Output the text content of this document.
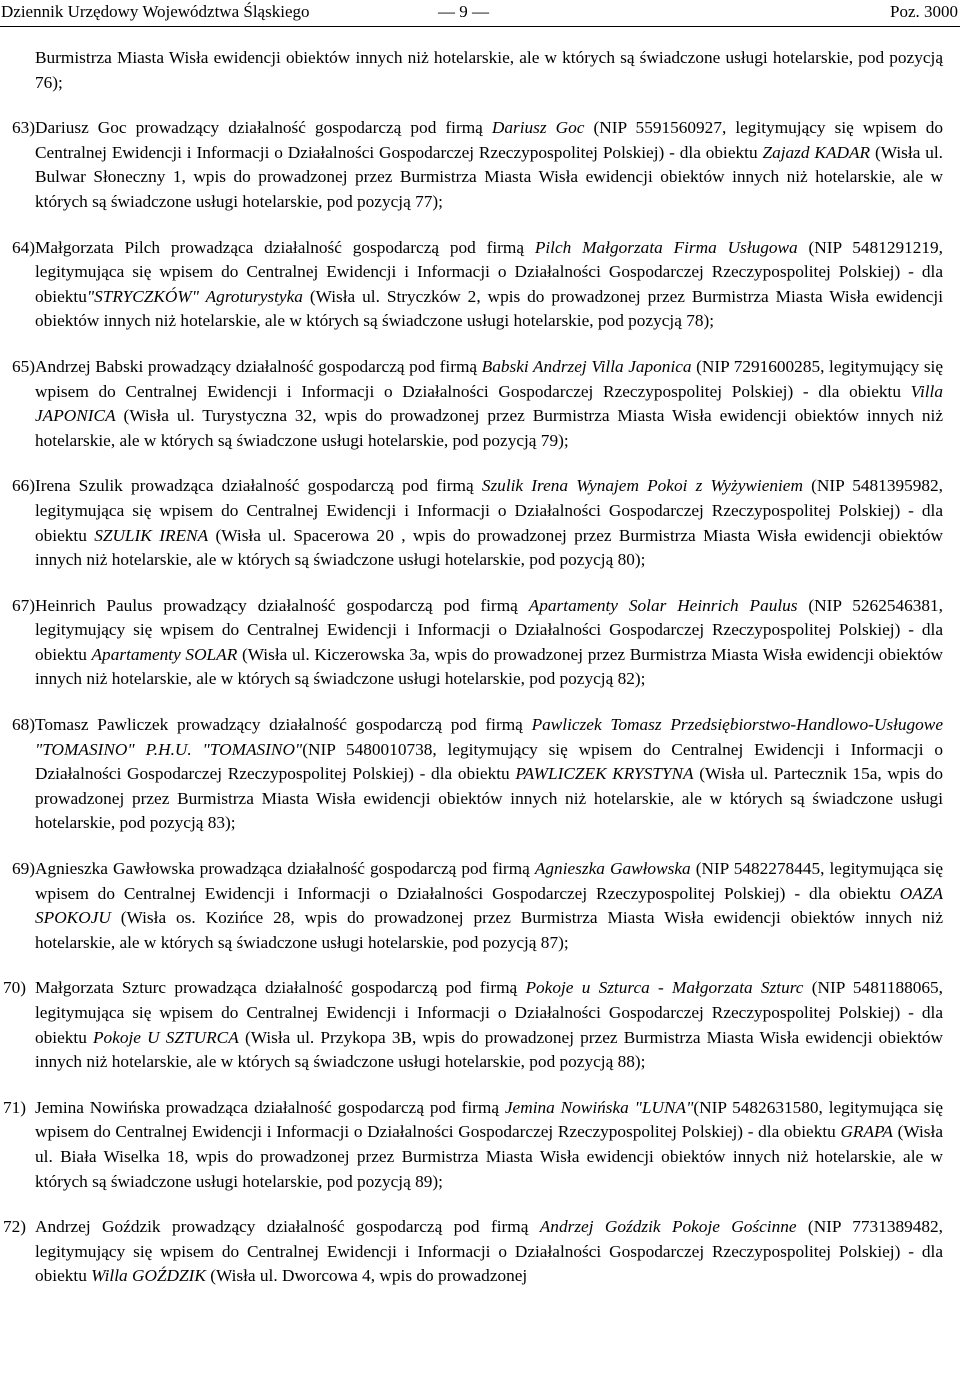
Dziennik Urzędowy Województwa Śląskiego	— 9 —	Poz. 3000

Burmistrza Miasta Wisła ewidencji obiektów innych niż hotelarskie, ale w których są świadczone usługi hotelarskie, pod pozycją 76);

63) Dariusz Goc prowadzący działalność gospodarczą pod firmą Dariusz Goc (NIP 5591560927, legitymujący się wpisem do Centralnej Ewidencji i Informacji o Działalności Gospodarczej Rzeczypospolitej Polskiej) - dla obiektu Zajazd KADAR (Wisła ul. Bulwar Słoneczny 1, wpis do prowadzonej przez Burmistrza Miasta Wisła ewidencji obiektów innych niż hotelarskie, ale w których są świadczone usługi hotelarskie, pod pozycją 77);

64) Małgorzata Pilch prowadząca działalność gospodarczą pod firmą Pilch Małgorzata Firma Usługowa (NIP 5481291219, legitymująca się wpisem do Centralnej Ewidencji i Informacji o Działalności Gospodarczej Rzeczypospolitej Polskiej) - dla obiektu"STRYCZKÓW" Agroturystyka (Wisła ul. Stryczków 2, wpis do prowadzonej przez Burmistrza Miasta Wisła ewidencji obiektów innych niż hotelarskie, ale w których są świadczone usługi hotelarskie, pod pozycją 78);

65) Andrzej Babski prowadzący działalność gospodarczą pod firmą Babski Andrzej Villa Japonica (NIP 7291600285, legitymujący się wpisem do Centralnej Ewidencji i Informacji o Działalności Gospodarczej Rzeczypospolitej Polskiej) - dla obiektu Villa JAPONICA (Wisła ul. Turystyczna 32, wpis do prowadzonej przez Burmistrza Miasta Wisła ewidencji obiektów innych niż hotelarskie, ale w których są świadczone usługi hotelarskie, pod pozycją 79);

66) Irena Szulik prowadząca działalność gospodarczą pod firmą Szulik Irena Wynajem Pokoi z Wyżywieniem (NIP 5481395982, legitymująca się wpisem do Centralnej Ewidencji i Informacji o Działalności Gospodarczej Rzeczypospolitej Polskiej) - dla obiektu SZULIK IRENA (Wisła ul. Spacerowa 20 , wpis do prowadzonej przez Burmistrza Miasta Wisła ewidencji obiektów innych niż hotelarskie, ale w których są świadczone usługi hotelarskie, pod pozycją 80);

67) Heinrich Paulus prowadzący działalność gospodarczą pod firmą Apartamenty Solar Heinrich Paulus (NIP 5262546381, legitymujący się wpisem do Centralnej Ewidencji i Informacji o Działalności Gospodarczej Rzeczypospolitej Polskiej) - dla obiektu Apartamenty SOLAR (Wisła ul. Kiczerowska 3a, wpis do prowadzonej przez Burmistrza Miasta Wisła ewidencji obiektów innych niż hotelarskie, ale w których są świadczone usługi hotelarskie, pod pozycją 82);

68) Tomasz Pawliczek prowadzący działalność gospodarczą pod firmą Pawliczek Tomasz Przedsiębiorstwo-Handlowo-Usługowe "TOMASINO" P.H.U. "TOMASINO"(NIP 5480010738, legitymujący się wpisem do Centralnej Ewidencji i Informacji o Działalności Gospodarczej Rzeczypospolitej Polskiej) - dla obiektu PAWLICZEK KRYSTYNA (Wisła ul. Partecznik 15a, wpis do prowadzonej przez Burmistrza Miasta Wisła ewidencji obiektów innych niż hotelarskie, ale w których są świadczone usługi hotelarskie, pod pozycją 83);

69) Agnieszka Gawłowska prowadząca działalność gospodarczą pod firmą Agnieszka Gawłowska (NIP 5482278445, legitymująca się wpisem do Centralnej Ewidencji i Informacji o Działalności Gospodarczej Rzeczypospolitej Polskiej) - dla obiektu OAZA SPOKOJU (Wisła os. Kozińce 28, wpis do prowadzonej przez Burmistrza Miasta Wisła ewidencji obiektów innych niż hotelarskie, ale w których są świadczone usługi hotelarskie, pod pozycją 87);

70) Małgorzata Szturc prowadząca działalność gospodarczą pod firmą Pokoje u Szturca - Małgorzata Szturc (NIP 5481188065, legitymująca się wpisem do Centralnej Ewidencji i Informacji o Działalności Gospodarczej Rzeczypospolitej Polskiej) - dla obiektu Pokoje U SZTURCA (Wisła ul. Przykopa 3B, wpis do prowadzonej przez Burmistrza Miasta Wisła ewidencji obiektów innych niż hotelarskie, ale w których są świadczone usługi hotelarskie, pod pozycją 88);

71) Jemina Nowińska prowadząca działalność gospodarczą pod firmą Jemina Nowińska "LUNA"(NIP 5482631580, legitymująca się wpisem do Centralnej Ewidencji i Informacji o Działalności Gospodarczej Rzeczypospolitej Polskiej) - dla obiektu GRAPA (Wisła ul. Biała Wiselka 18, wpis do prowadzonej przez Burmistrza Miasta Wisła ewidencji obiektów innych niż hotelarskie, ale w których są świadczone usługi hotelarskie, pod pozycją 89);

72) Andrzej Goździk prowadzący działalność gospodarczą pod firmą Andrzej Goździk Pokoje Gościnne (NIP 7731389482, legitymujący się wpisem do Centralnej Ewidencji i Informacji o Działalności Gospodarczej Rzeczypospolitej Polskiej) - dla obiektu Willa GOŹDZIK (Wisła ul. Dworcowa 4, wpis do prowadzonej
